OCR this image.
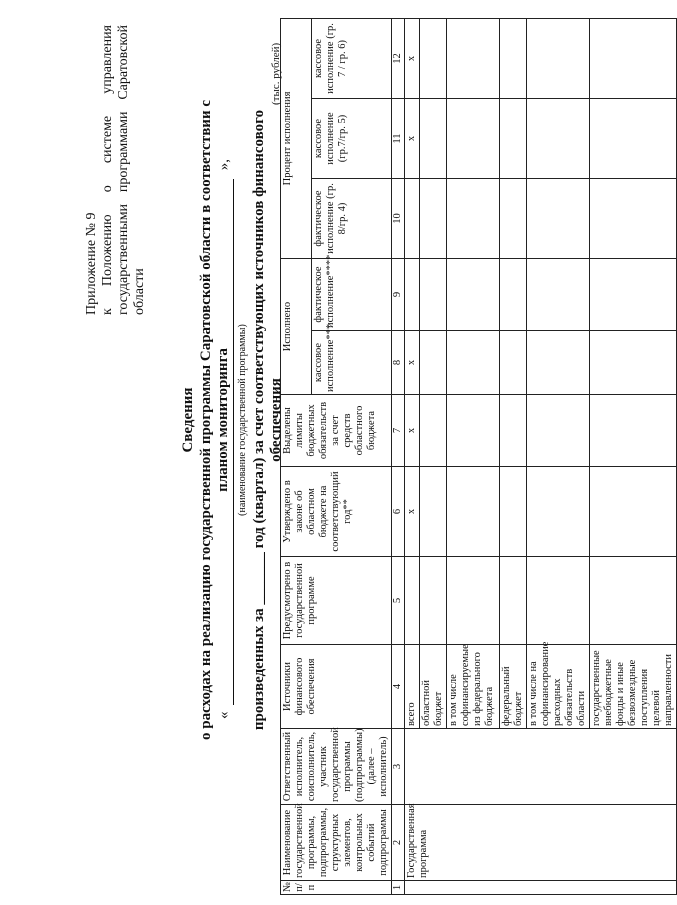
Приложение № 9 к Положению о системе управления государственными программами Саратовской области
Сведения о расходах на реализацию государственной программы Саратовской области в соответствии с планом мониторинга
«
»,
(наименование государственной программы) произведенных за _______ год (квартал) за счет соответствующих источников финансового обеспечения
(тыс. рублей)
№ п/п	Наименование государственной программы, подпрограммы, структурных элементов, контрольных событий подпрограммы	Ответственный исполнитель, соисполнитель, участник государственной программы (подпрограммы) (далее – исполнитель)	Источники финансового обеспечения	Предусмотрено в государственной программе	Утверждено в законе об областном бюджете на соответствующий год**	Выделены лимиты бюджетных обязательств за счет средств областного бюджета	Исполнено		Процент исполнения		
							кассовое исполнение***	фактическое исполнение****	фактическое исполнение (гр. 8/гр. 4)	кассовое исполнение (гр.7/гр. 5)	кассовое исполнение (гр. 7 / гр. 6)
1	2	3	4	5	6	7	8	9	10	11	12
	Государственная программа		всего		x	x	x			x	x
			областной бюджет								
			в том числе софинансируемые из федерального бюджета								
			федеральный бюджет								
			в том числе на софинансирование расходных обязательств области								
			государственные внебюджетные фонды и иные безвозмездные поступления целевой направленности								
